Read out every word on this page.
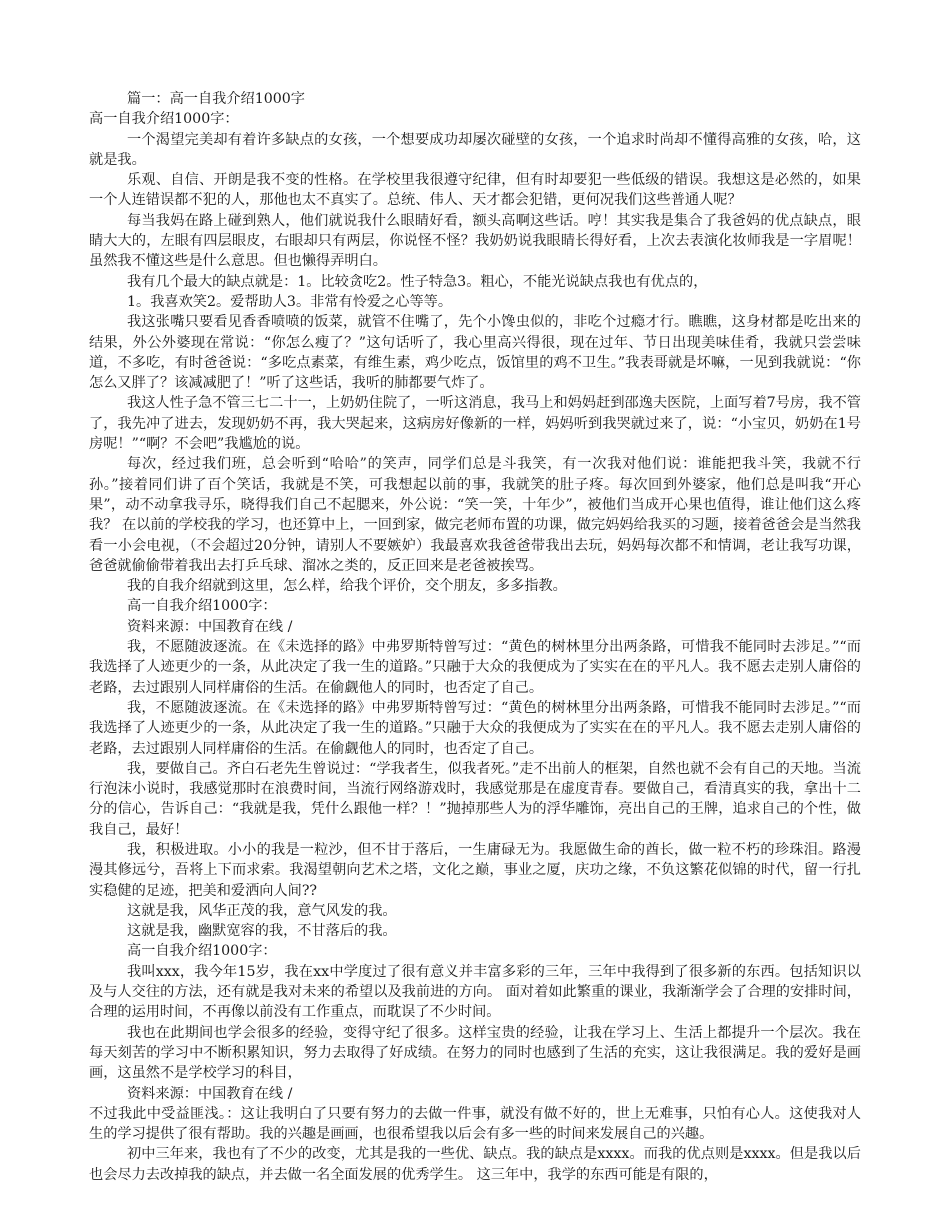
篇一：高一自我介绍1000字

高一自我介绍1000字：

一个渴望完美却有着许多缺点的女孩，一个想要成功却屡次碰壁的女孩，一个追求时尚却不懂得高雅的女孩，哈，这就是我。

乐观、自信、开朗是我不变的性格。在学校里我很遵守纪律，但有时却要犯一些低级的错误。我想这是必然的，如果一个人连错误都不犯的人，那他也太不真实了。总统、伟人、天才都会犯错，更何况我们这些普通人呢？

每当我妈在路上碰到熟人，他们就说我什么眼睛好看，额头高啊这些话。哼！其实我是集合了我爸妈的优点缺点，眼睛大大的，左眼有四层眼皮，右眼却只有两层，你说怪不怪？我奶奶说我眼睛长得好看，上次去表演化妆师我是一字眉呢！虽然我不懂这些是什么意思。但也懒得弄明白。

我有几个最大的缺点就是：1。比较贪吃2。性子特急3。粗心，不能光说缺点我也有优点的，

1。我喜欢笑2。爱帮助人3。非常有怜爱之心等等。

我这张嘴只要看见香香喷喷的饭菜，就管不住嘴了，先个小馋虫似的，非吃个过瘾才行。瞧瞧，这身材都是吃出来的结果，外公外婆现在常说：“你怎么瘦了？”这句话听了，我心里高兴得很，现在过年、节日出现美味佳肴，我就只尝尝味道，不多吃，有时爸爸说：“多吃点素菜，有维生素，鸡少吃点，饭馆里的鸡不卫生。”我表哥就是坏嘛，一见到我就说：“你怎么又胖了？该减减肥了！”听了这些话，我听的肺都要气炸了。

我这人性子急不管三七二十一，上奶奶住院了，一听这消息，我马上和妈妈赶到邵逸夫医院，上面写着7号房，我不管了，我先冲了进去，发现奶奶不再，我大哭起来，这病房好像新的一样，妈妈听到我哭就过来了，说：“小宝贝，奶奶在1号房呢！”“啊？不会吧”我尴尬的说。

每次，经过我们班，总会听到“哈哈”的笑声，同学们总是斗我笑，有一次我对他们说：谁能把我斗笑，我就不行孙。”接着同们讲了百个笑话，我就是不笑，可我想起以前的事，我就笑的肚子疼。每次回到外婆家，他们总是叫我“开心果”，动不动拿我寻乐，晓得我们自己不起腮来，外公说：“笑一笑，十年少”，被他们当成开心果也值得，谁让他们这么疼我？ 在以前的学校我的学习，也还算中上，一回到家，做完老师布置的功课，做完妈妈给我买的习题，接着爸爸会是当然我看一小会电视，（不会超过20分钟，请别人不要嫉妒）我最喜欢我爸爸带我出去玩，妈妈每次都不和情调，老让我写功课，爸爸就偷偷带着我出去打乒乓球、溜冰之类的，反正回来是老爸被挨骂。

我的自我介绍就到这里，怎么样，给我个评价，交个朋友，多多指教。

高一自我介绍1000字：

资料来源：中国教育在线 /

我，不愿随波逐流。在《未选择的路》中弗罗斯特曾写过：“黄色的树林里分出两条路，可惜我不能同时去涉足。”“而我选择了人迹更少的一条，从此决定了我一生的道路。”只融于大众的我便成为了实实在在的平凡人。我不愿去走别人庸俗的老路，去过跟别人同样庸俗的生活。在偷觑他人的同时，也否定了自己。

我，不愿随波逐流。在《未选择的路》中弗罗斯特曾写过：“黄色的树林里分出两条路，可惜我不能同时去涉足。”“而我选择了人迹更少的一条，从此决定了我一生的道路。”只融于大众的我便成为了实实在在的平凡人。我不愿去走别人庸俗的老路，去过跟别人同样庸俗的生活。在偷觑他人的同时，也否定了自己。

我，要做自己。齐白石老先生曾说过：“学我者生，似我者死。”走不出前人的框架，自然也就不会有自己的天地。当流行泡沫小说时，我感觉那时在浪费时间，当流行网络游戏时，我感觉那是在虚度青春。要做自己，看清真实的我，拿出十二分的信心，告诉自己：“我就是我，凭什么跟他一样？！”抛掉那些人为的浮华雕饰，亮出自己的王牌，追求自己的个性，做我自己，最好！

我，积极进取。小小的我是一粒沙，但不甘于落后，一生庸碌无为。我愿做生命的酋长，做一粒不朽的珍珠泪。路漫漫其修远兮，吾将上下而求索。我渴望朝向艺术之塔，文化之巅，事业之厦，庆功之缘，不负这繁花似锦的时代，留一行扎实稳健的足迹，把美和爱洒向人间??

这就是我，风华正茂的我，意气风发的我。

这就是我，幽默宽容的我，不甘落后的我。

高一自我介绍1000字：

我叫xxx，我今年15岁，我在xx中学度过了很有意义并丰富多彩的三年，三年中我得到了很多新的东西。包括知识以及与人交往的方法，还有就是我对未来的希望以及我前进的方向。 面对着如此繁重的课业，我渐渐学会了合理的安排时间，合理的运用时间，不再像以前没有工作重点，而耽误了不少时间。

我也在此期间也学会很多的经验，变得守纪了很多。这样宝贵的经验，让我在学习上、生活上都提升一个层次。我在每天刻苦的学习中不断积累知识，努力去取得了好成绩。在努力的同时也感到了生活的充实，这让我很满足。我的爱好是画画，这虽然不是学校学习的科目，

资料来源：中国教育在线 /

不过我此中受益匪浅。：这让我明白了只要有努力的去做一件事，就没有做不好的，世上无难事，只怕有心人。这使我对人生的学习提供了很有帮助。我的兴趣是画画，也很希望我以后会有多一些的时间来发展自己的兴趣。

初中三年来，我也有了不少的改变，尤其是我的一些优、缺点。我的缺点是xxxx。而我的优点则是xxxx。但是我以后也会尽力去改掉我的缺点，并去做一名全面发展的优秀学生。 这三年中，我学的东西可能是有限的，
